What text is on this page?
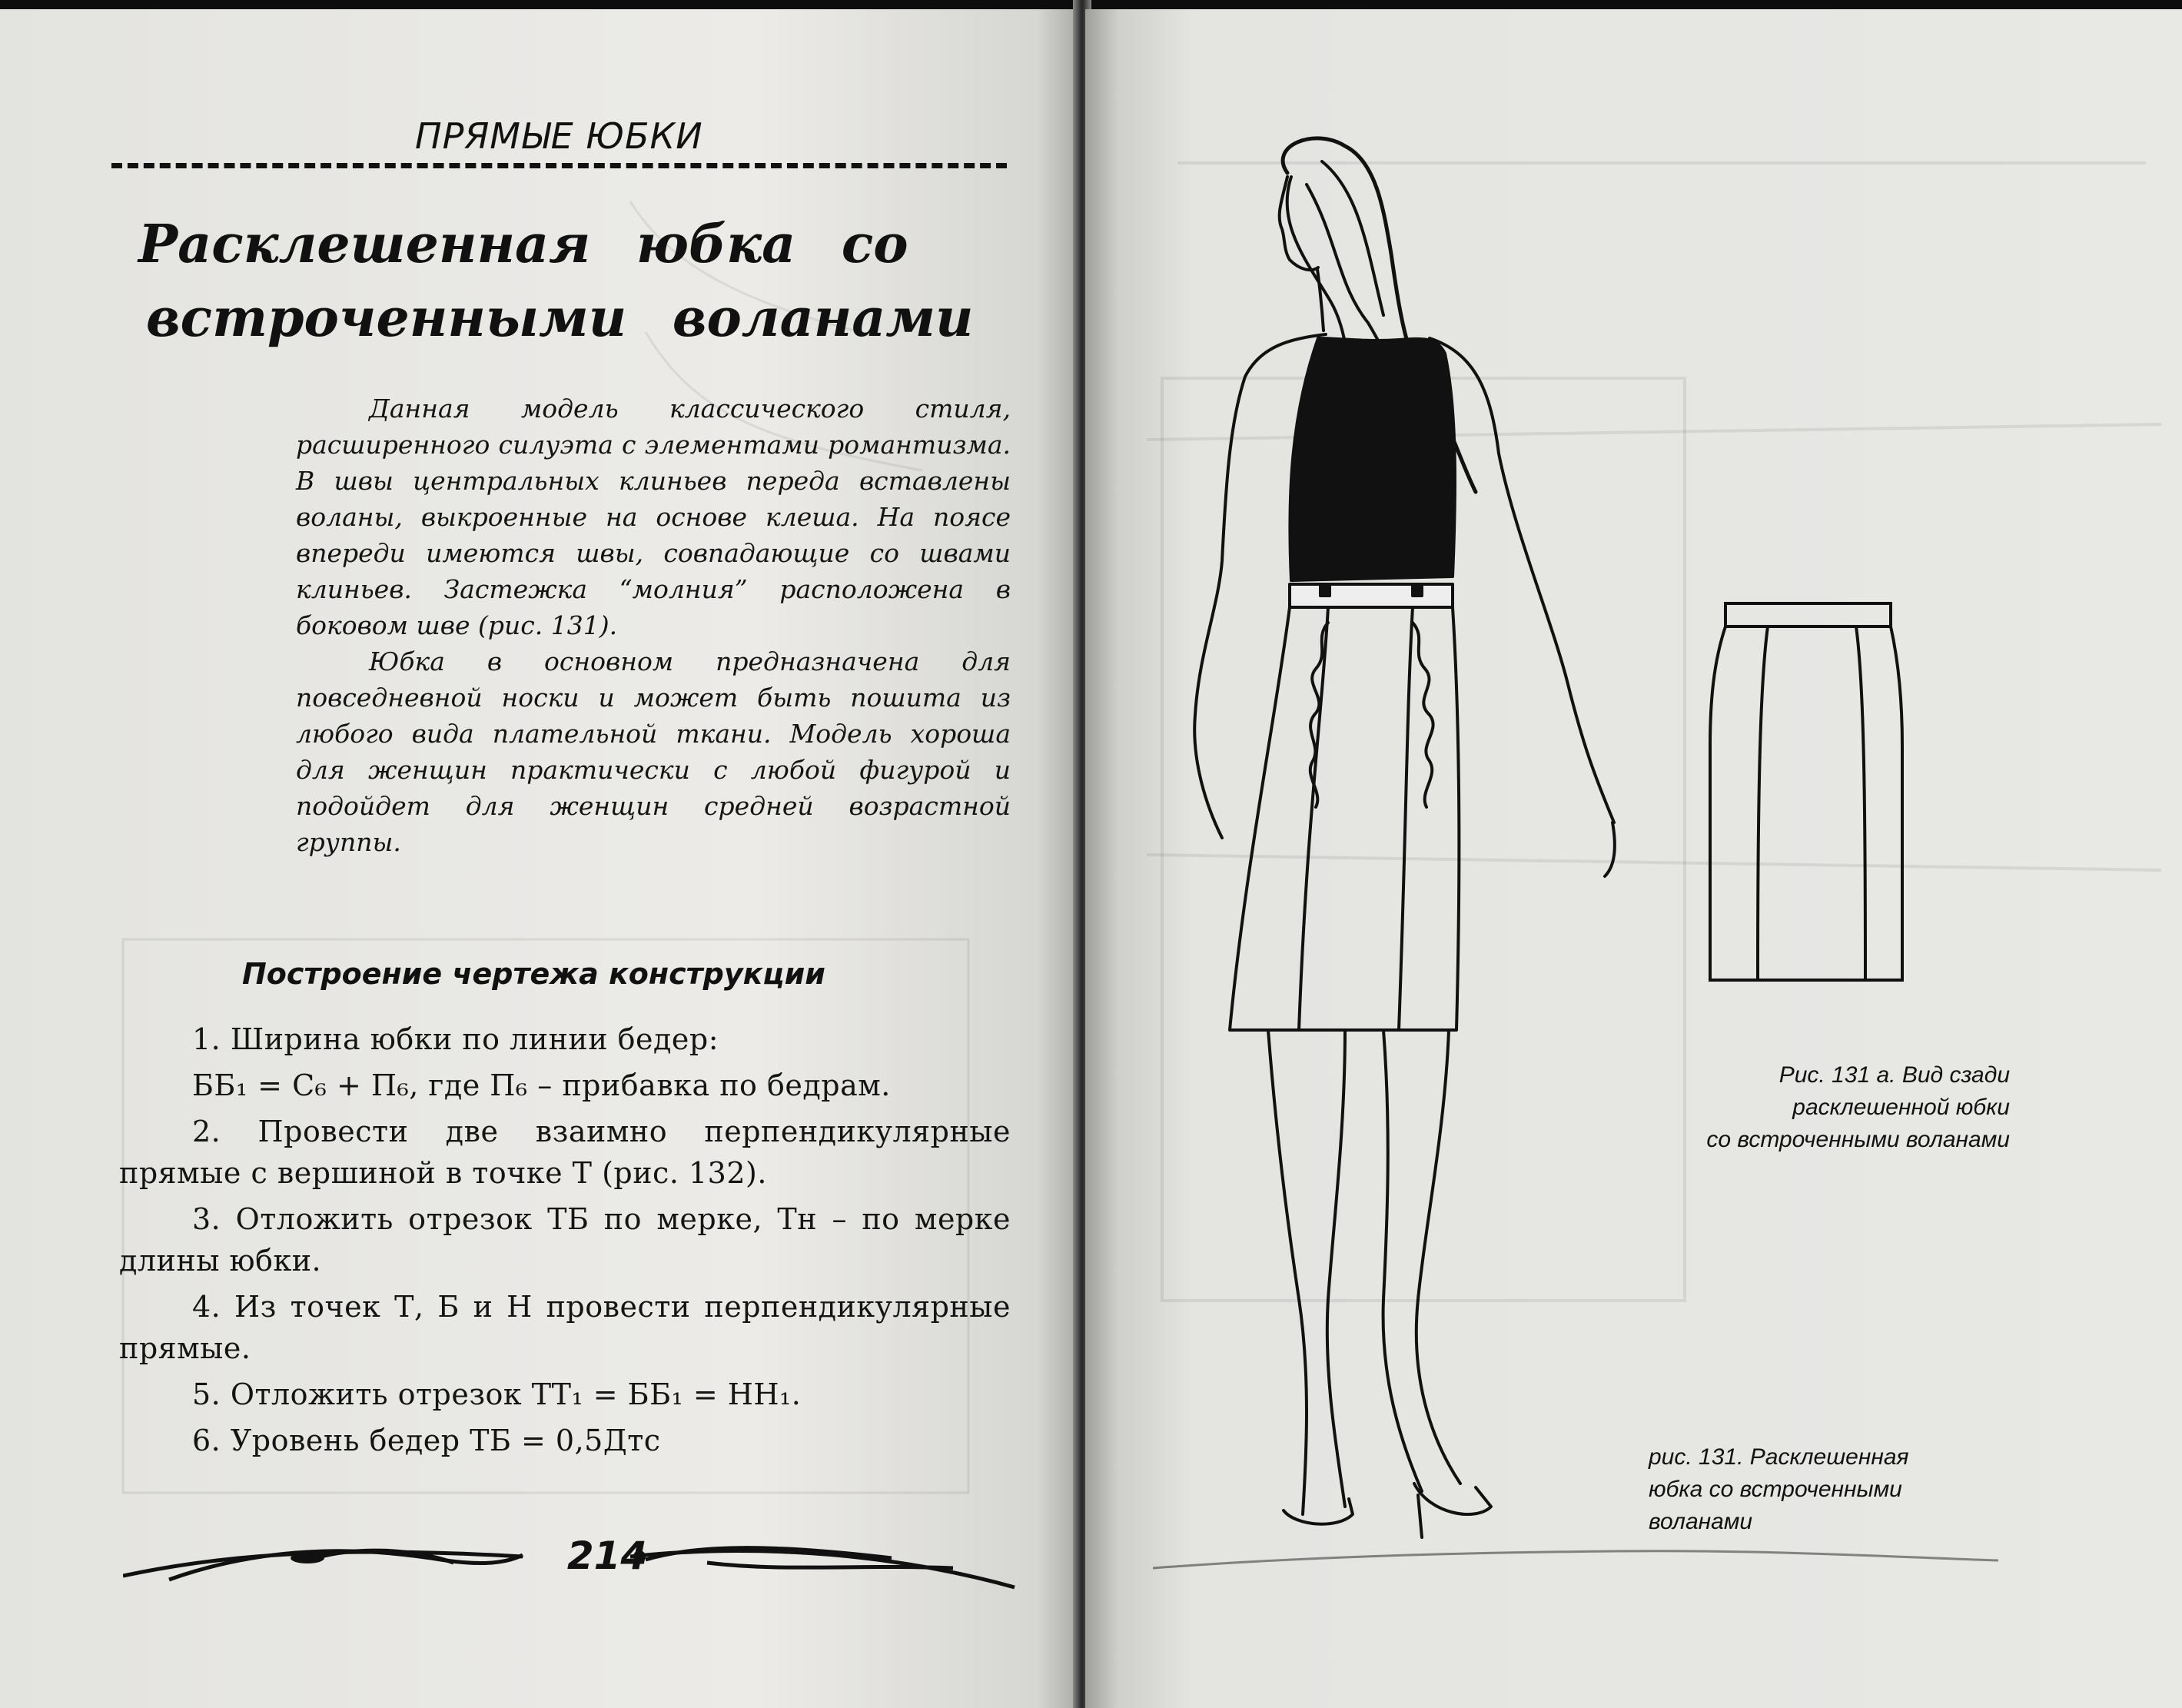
ПРЯМЫЕ ЮБКИ
Расклешенная юбка со
встроченными воланами

Данная модель классического стиля, расширенного силуэта с элементами романтизма. В швы центральных клиньев переда вставлены воланы, выкроенные на основе клеша. На поясе впереди имеются швы, совпадающие со швами клиньев. Застежка “молния” расположена в боковом шве (рис. 131).

Юбка в основном предназначена для повседневной носки и может быть пошита из любого вида плательной ткани. Модель хороша для женщин практически с любой фигурой и подойдет для женщин средней возрастной группы.

Построение чертежа конструкции

1. Ширина юбки по линии бедер:

ББ₁ = С₆ + П₆, где П₆ – прибавка по бедрам.

2. Провести две взаимно перпендикулярные прямые с вершиной в точке Т (рис. 132).

3. Отложить отрезок ТБ по мерке, Тн – по мерке длины юбки.

4. Из точек Т, Б и Н провести перпендикулярные прямые.

5. Отложить отрезок ТТ₁ = ББ₁ = НН₁.

6. Уровень бедер ТБ = 0,5Дтс

214
Рис. 131 а. Вид сзади
расклешенной юбки
со встроченными воланами
рис. 131. Расклешенная
юбка со встроченными
воланами
